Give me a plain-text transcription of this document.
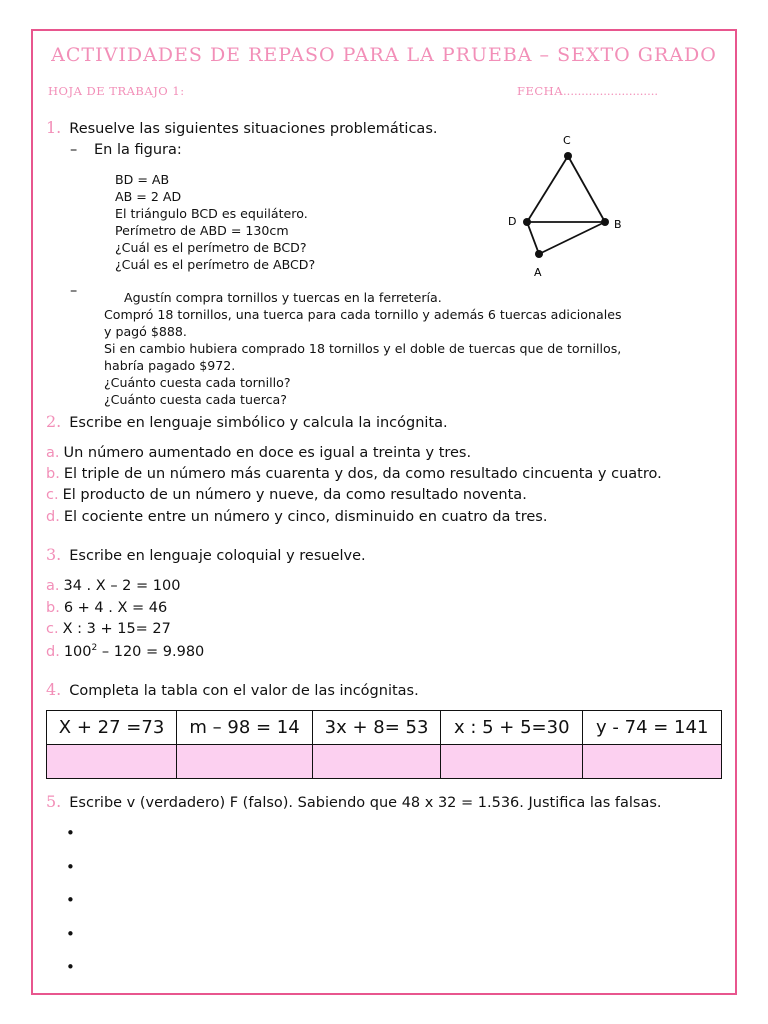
ACTIVIDADES DE REPASO PARA LA PRUEBA – SEXTO GRADO
HOJA DE TRABAJO 1:	FECHA..........................
1. Resuelve las siguientes situaciones problemáticas.
– En la figura:
BD = AB
AB = 2 AD
El triángulo BCD es equilátero.
Perímetro de ABD = 130cm
¿Cuál es el perímetro de BCD?
¿Cuál es el perímetro de ABCD?
C
D	B
A
–	Agustín compra tornillos y tuercas en la ferretería.
Compró 18 tornillos, una tuerca para cada tornillo y además 6 tuercas adicionales
y pagó $888.
Si en cambio hubiera comprado 18 tornillos y el doble de tuercas que de tornillos,
habría pagado $972.
¿Cuánto cuesta cada tornillo?
¿Cuánto cuesta cada tuerca?
2. Escribe en lenguaje simbólico y calcula la incógnita.
a. Un número aumentado en doce es igual a treinta y tres.
b. El triple de un número más cuarenta y dos, da como resultado cincuenta y cuatro.
c. El producto de un número y nueve, da como resultado noventa.
d. El cociente entre un número y cinco, disminuido en cuatro da tres.
3. Escribe en lenguaje coloquial y resuelve.
a. 34 . X – 2 = 100
b. 6 + 4 . X = 46
c. X : 3 + 15= 27
d. $100^2 - 120 = 9.980$
4. Completa la tabla con el valor de las incógnitas.
X + 27 =73	m – 98 = 14	3x + 8= 53	x : 5 + 5=30	y - 74 = 141

5. Escribe v (verdadero) F (falso). Sabiendo que 48 x 32 = 1.536. Justifica las falsas.
•
•
•
•
•
